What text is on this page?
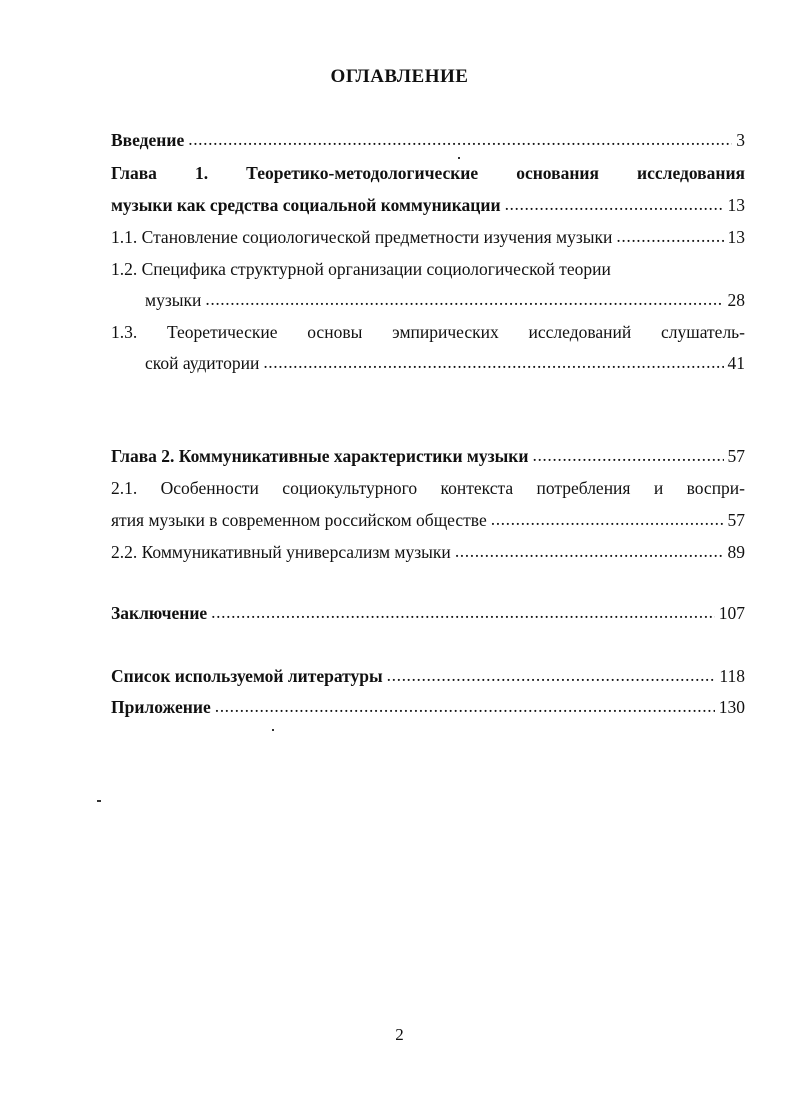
ОГЛАВЛЕНИЕ
Введение .....	3
Глава 1. Теоретико-методологические основания исследования
музыки как средства социальной коммуникации .....	13
1.1. Становление социологической предметности изучения музыки .....	13
1.2. Специфика структурной организации социологической теории
музыки .....	28
1.3. Теоретические основы эмпирических исследований слушатель-
ской аудитории .....	41
Глава 2. Коммуникативные характеристики музыки .....	57
2.1. Особенности социокультурного контекста потребления и воспри-
ятия музыки в современном российском обществе .....	57
2.2. Коммуникативный универсализм музыки .....	89
Заключение .....	107
Список используемой литературы .....	118
Приложение .....	130
2
